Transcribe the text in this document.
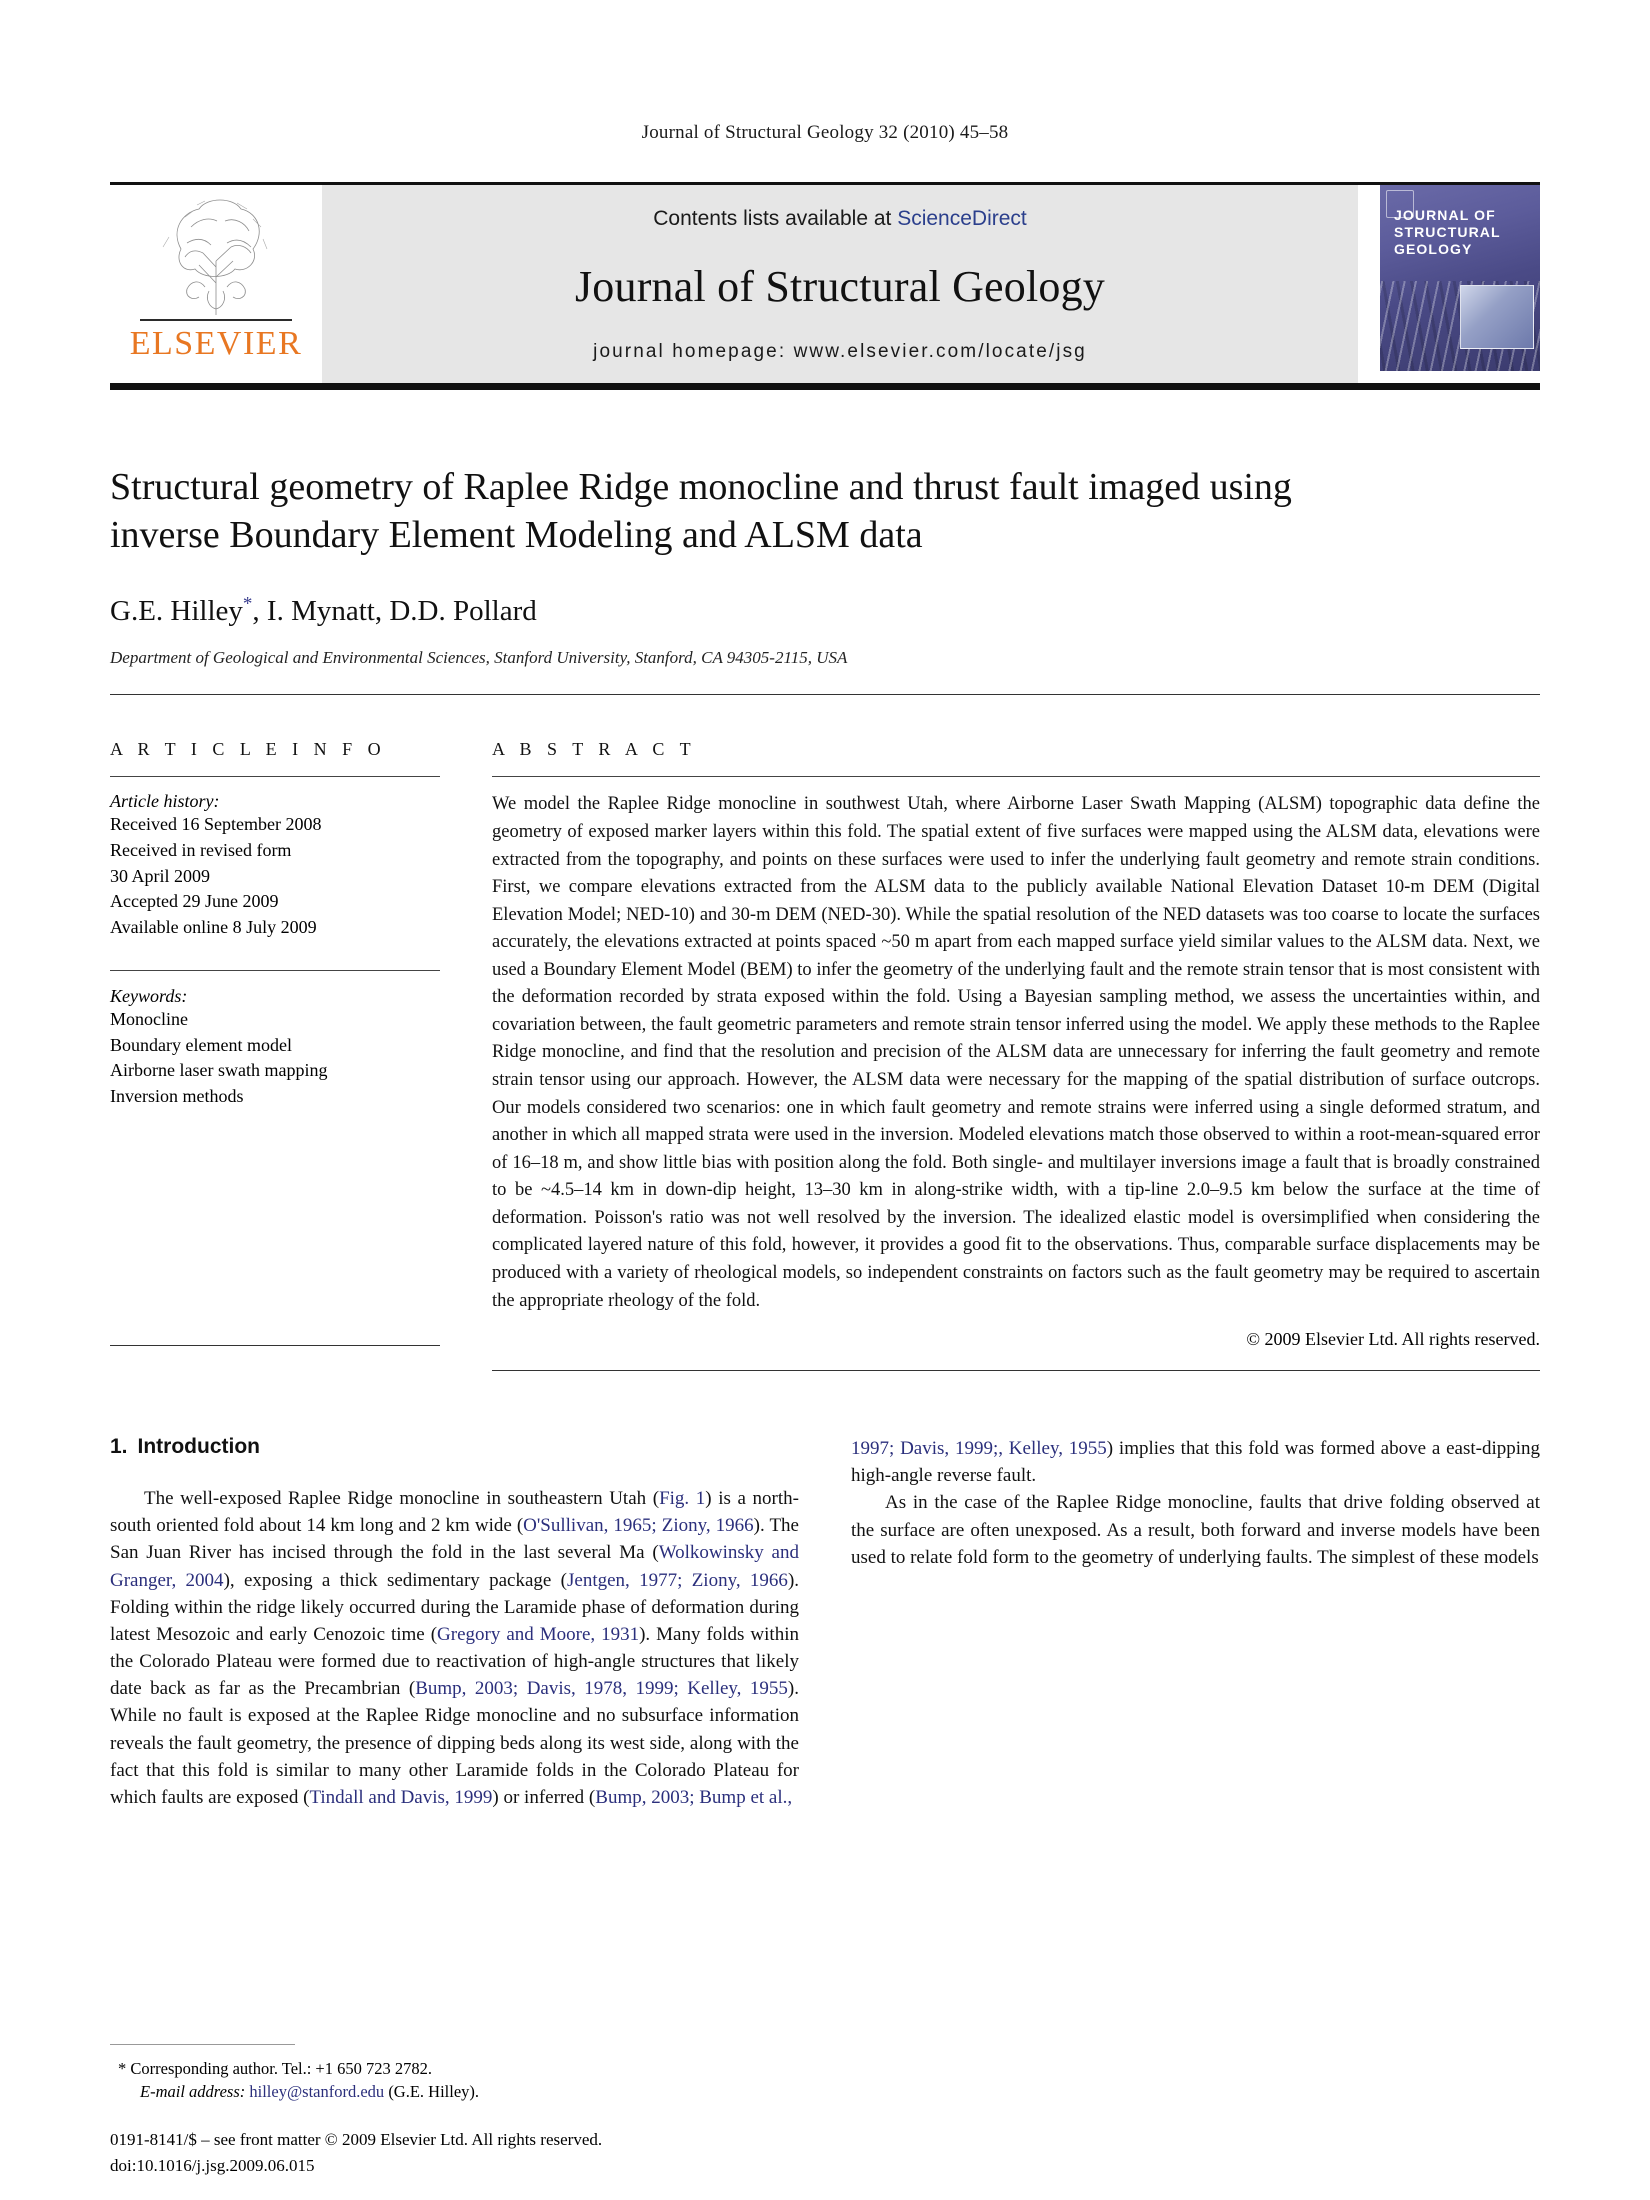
Journal of Structural Geology 32 (2010) 45–58
ELSEVIER
Contents lists available at ScienceDirect
Journal of Structural Geology
journal homepage: www.elsevier.com/locate/jsg
JOURNAL OF STRUCTURAL GEOLOGY
Structural geometry of Raplee Ridge monocline and thrust fault imaged using inverse Boundary Element Modeling and ALSM data
G.E. Hilley*, I. Mynatt, D.D. Pollard
Department of Geological and Environmental Sciences, Stanford University, Stanford, CA 94305-2115, USA
A R T I C L E I N F O
Article history:
Received 16 September 2008
Received in revised form
30 April 2009
Accepted 29 June 2009
Available online 8 July 2009
Keywords:
Monocline
Boundary element model
Airborne laser swath mapping
Inversion methods
A B S T R A C T
We model the Raplee Ridge monocline in southwest Utah, where Airborne Laser Swath Mapping (ALSM) topographic data define the geometry of exposed marker layers within this fold. The spatial extent of five surfaces were mapped using the ALSM data, elevations were extracted from the topography, and points on these surfaces were used to infer the underlying fault geometry and remote strain conditions. First, we compare elevations extracted from the ALSM data to the publicly available National Elevation Dataset 10-m DEM (Digital Elevation Model; NED-10) and 30-m DEM (NED-30). While the spatial resolution of the NED datasets was too coarse to locate the surfaces accurately, the elevations extracted at points spaced ~50 m apart from each mapped surface yield similar values to the ALSM data. Next, we used a Boundary Element Model (BEM) to infer the geometry of the underlying fault and the remote strain tensor that is most consistent with the deformation recorded by strata exposed within the fold. Using a Bayesian sampling method, we assess the uncertainties within, and covariation between, the fault geometric parameters and remote strain tensor inferred using the model. We apply these methods to the Raplee Ridge monocline, and find that the resolution and precision of the ALSM data are unnecessary for inferring the fault geometry and remote strain tensor using our approach. However, the ALSM data were necessary for the mapping of the spatial distribution of surface outcrops. Our models considered two scenarios: one in which fault geometry and remote strains were inferred using a single deformed stratum, and another in which all mapped strata were used in the inversion. Modeled elevations match those observed to within a root-mean-squared error of 16–18 m, and show little bias with position along the fold. Both single- and multilayer inversions image a fault that is broadly constrained to be ~4.5–14 km in down-dip height, 13–30 km in along-strike width, with a tip-line 2.0–9.5 km below the surface at the time of deformation. Poisson's ratio was not well resolved by the inversion. The idealized elastic model is oversimplified when considering the complicated layered nature of this fold, however, it provides a good fit to the observations. Thus, comparable surface displacements may be produced with a variety of rheological models, so independent constraints on factors such as the fault geometry may be required to ascertain the appropriate rheology of the fold.
© 2009 Elsevier Ltd. All rights reserved.
1. Introduction

The well-exposed Raplee Ridge monocline in southeastern Utah (Fig. 1) is a north-south oriented fold about 14 km long and 2 km wide (O'Sullivan, 1965; Ziony, 1966). The San Juan River has incised through the fold in the last several Ma (Wolkowinsky and Granger, 2004), exposing a thick sedimentary package (Jentgen, 1977; Ziony, 1966). Folding within the ridge likely occurred during the Laramide phase of deformation during latest Mesozoic and early Cenozoic time (Gregory and Moore, 1931). Many folds within the Colorado Plateau were formed due to reactivation of high-angle structures that likely date back as far as the Precambrian (Bump, 2003; Davis, 1978, 1999; Kelley, 1955). While no fault is exposed at the Raplee Ridge monocline and no subsurface information reveals the fault geometry, the presence of dipping beds along its west side, along with the fact that this fold is similar to many other Laramide folds in the Colorado Plateau for which faults are exposed (Tindall and Davis, 1999) or inferred (Bump, 2003; Bump et al.,

1997; Davis, 1999;, Kelley, 1955) implies that this fold was formed above a east-dipping high-angle reverse fault.

As in the case of the Raplee Ridge monocline, faults that drive folding observed at the surface are often unexposed. As a result, both forward and inverse models have been used to relate fold form to the geometry of underlying faults. The simplest of these models

* Corresponding author. Tel.: +1 650 723 2782.
E-mail address: hilley@stanford.edu (G.E. Hilley).
0191-8141/$ – see front matter © 2009 Elsevier Ltd. All rights reserved.
doi:10.1016/j.jsg.2009.06.015
